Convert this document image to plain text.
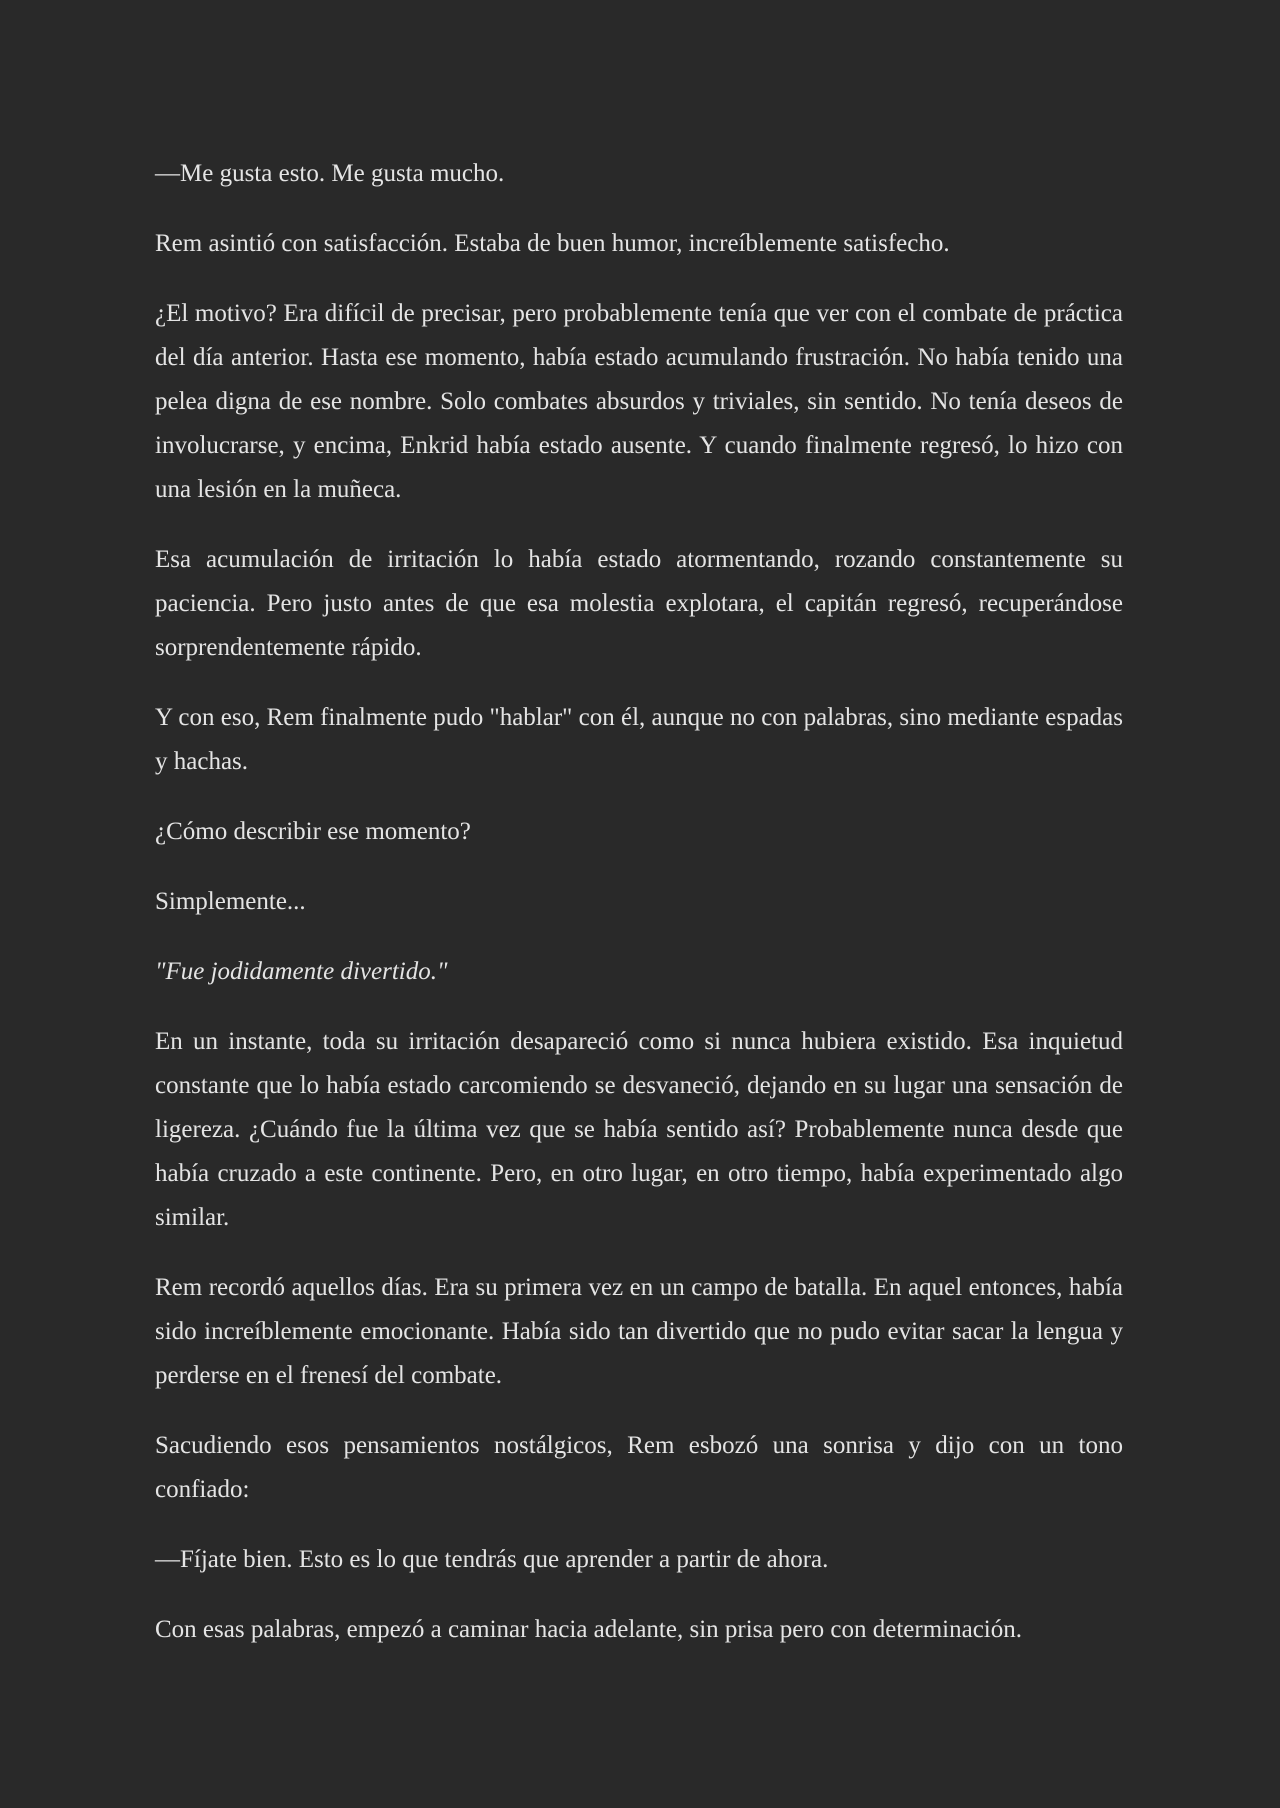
—Me gusta esto. Me gusta mucho.

Rem asintió con satisfacción. Estaba de buen humor, increíblemente satisfecho.

¿El motivo? Era difícil de precisar, pero probablemente tenía que ver con el combate de práctica del día anterior. Hasta ese momento, había estado acumulando frustración. No había tenido una pelea digna de ese nombre. Solo combates absurdos y triviales, sin sentido. No tenía deseos de involucrarse, y encima, Enkrid había estado ausente. Y cuando finalmente regresó, lo hizo con una lesión en la muñeca.

Esa acumulación de irritación lo había estado atormentando, rozando constantemente su paciencia. Pero justo antes de que esa molestia explotara, el capitán regresó, recuperándose sorprendentemente rápido.

Y con eso, Rem finalmente pudo "hablar" con él, aunque no con palabras, sino mediante espadas y hachas.

¿Cómo describir ese momento?

Simplemente...

"Fue jodidamente divertido."

En un instante, toda su irritación desapareció como si nunca hubiera existido. Esa inquietud constante que lo había estado carcomiendo se desvaneció, dejando en su lugar una sensación de ligereza. ¿Cuándo fue la última vez que se había sentido así? Probablemente nunca desde que había cruzado a este continente. Pero, en otro lugar, en otro tiempo, había experimentado algo similar.

Rem recordó aquellos días. Era su primera vez en un campo de batalla. En aquel entonces, había sido increíblemente emocionante. Había sido tan divertido que no pudo evitar sacar la lengua y perderse en el frenesí del combate.

Sacudiendo esos pensamientos nostálgicos, Rem esbozó una sonrisa y dijo con un tono confiado:

—Fíjate bien. Esto es lo que tendrás que aprender a partir de ahora.

Con esas palabras, empezó a caminar hacia adelante, sin prisa pero con determinación.
